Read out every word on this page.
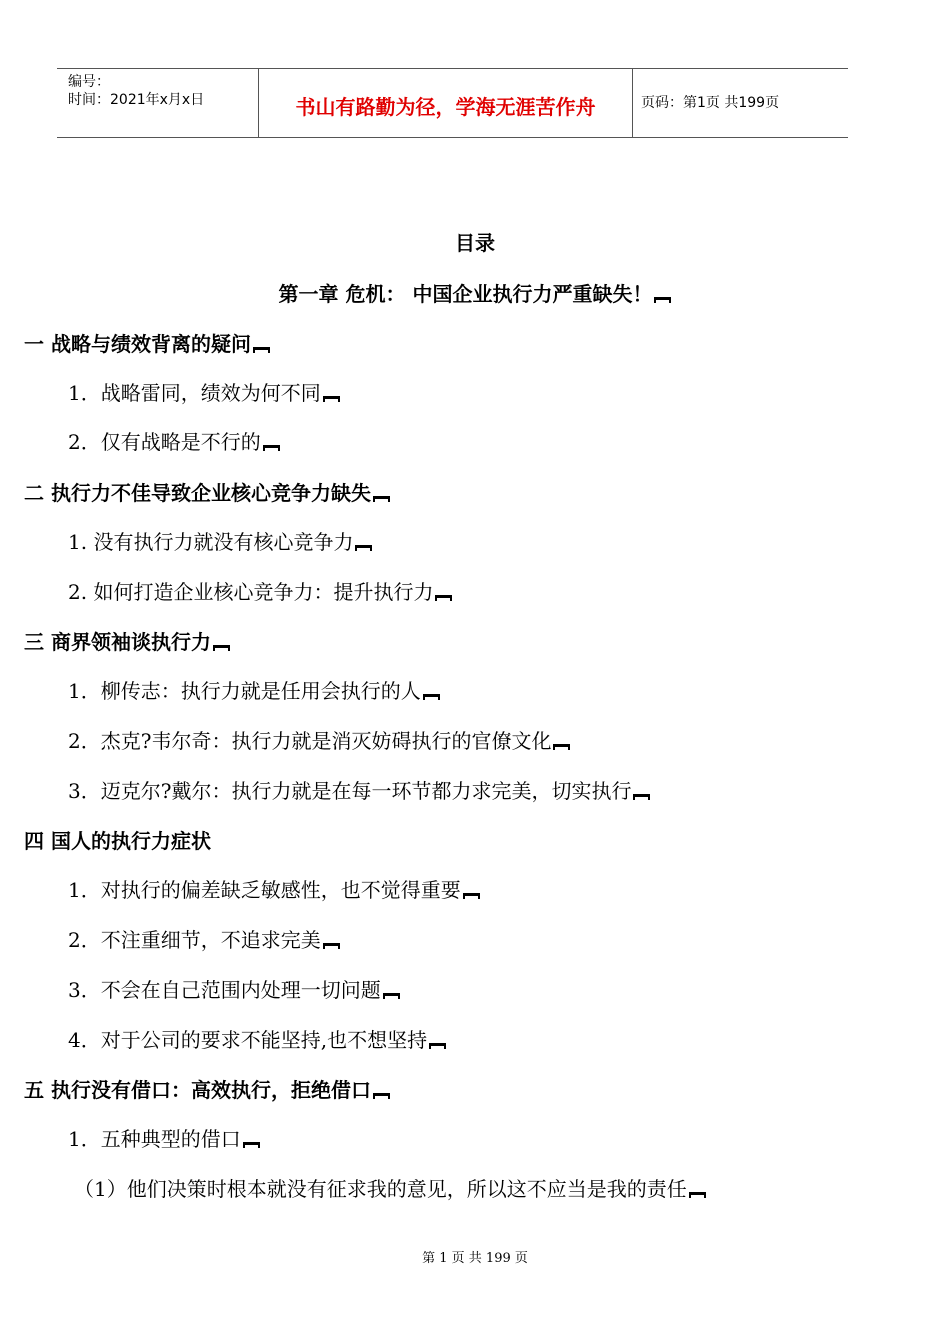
编号：
时间：2021年x月x日	书山有路勤为径，学海无涯苦作舟	页码：第1页 共199页
目录
第一章 危机： 中国企业执行力严重缺失！
一 战略与绩效背离的疑问
1．战略雷同，绩效为何不同
2．仅有战略是不行的
二 执行力不佳导致企业核心竞争力缺失
1. 没有执行力就没有核心竞争力
2. 如何打造企业核心竞争力：提升执行力
三 商界领袖谈执行力
1．柳传志：执行力就是任用会执行的人
2．杰克?韦尔奇：执行力就是消灭妨碍执行的官僚文化
3．迈克尔?戴尔：执行力就是在每一环节都力求完美，切实执行
四 国人的执行力症状
1．对执行的偏差缺乏敏感性，也不觉得重要
2．不注重细节，不追求完美
3．不会在自己范围内处理一切问题
4．对于公司的要求不能坚持,也不想坚持
五 执行没有借口：高效执行，拒绝借口
1．五种典型的借口
（1）他们决策时根本就没有征求我的意见，所以这不应当是我的责任
第 1 页 共 199 页
